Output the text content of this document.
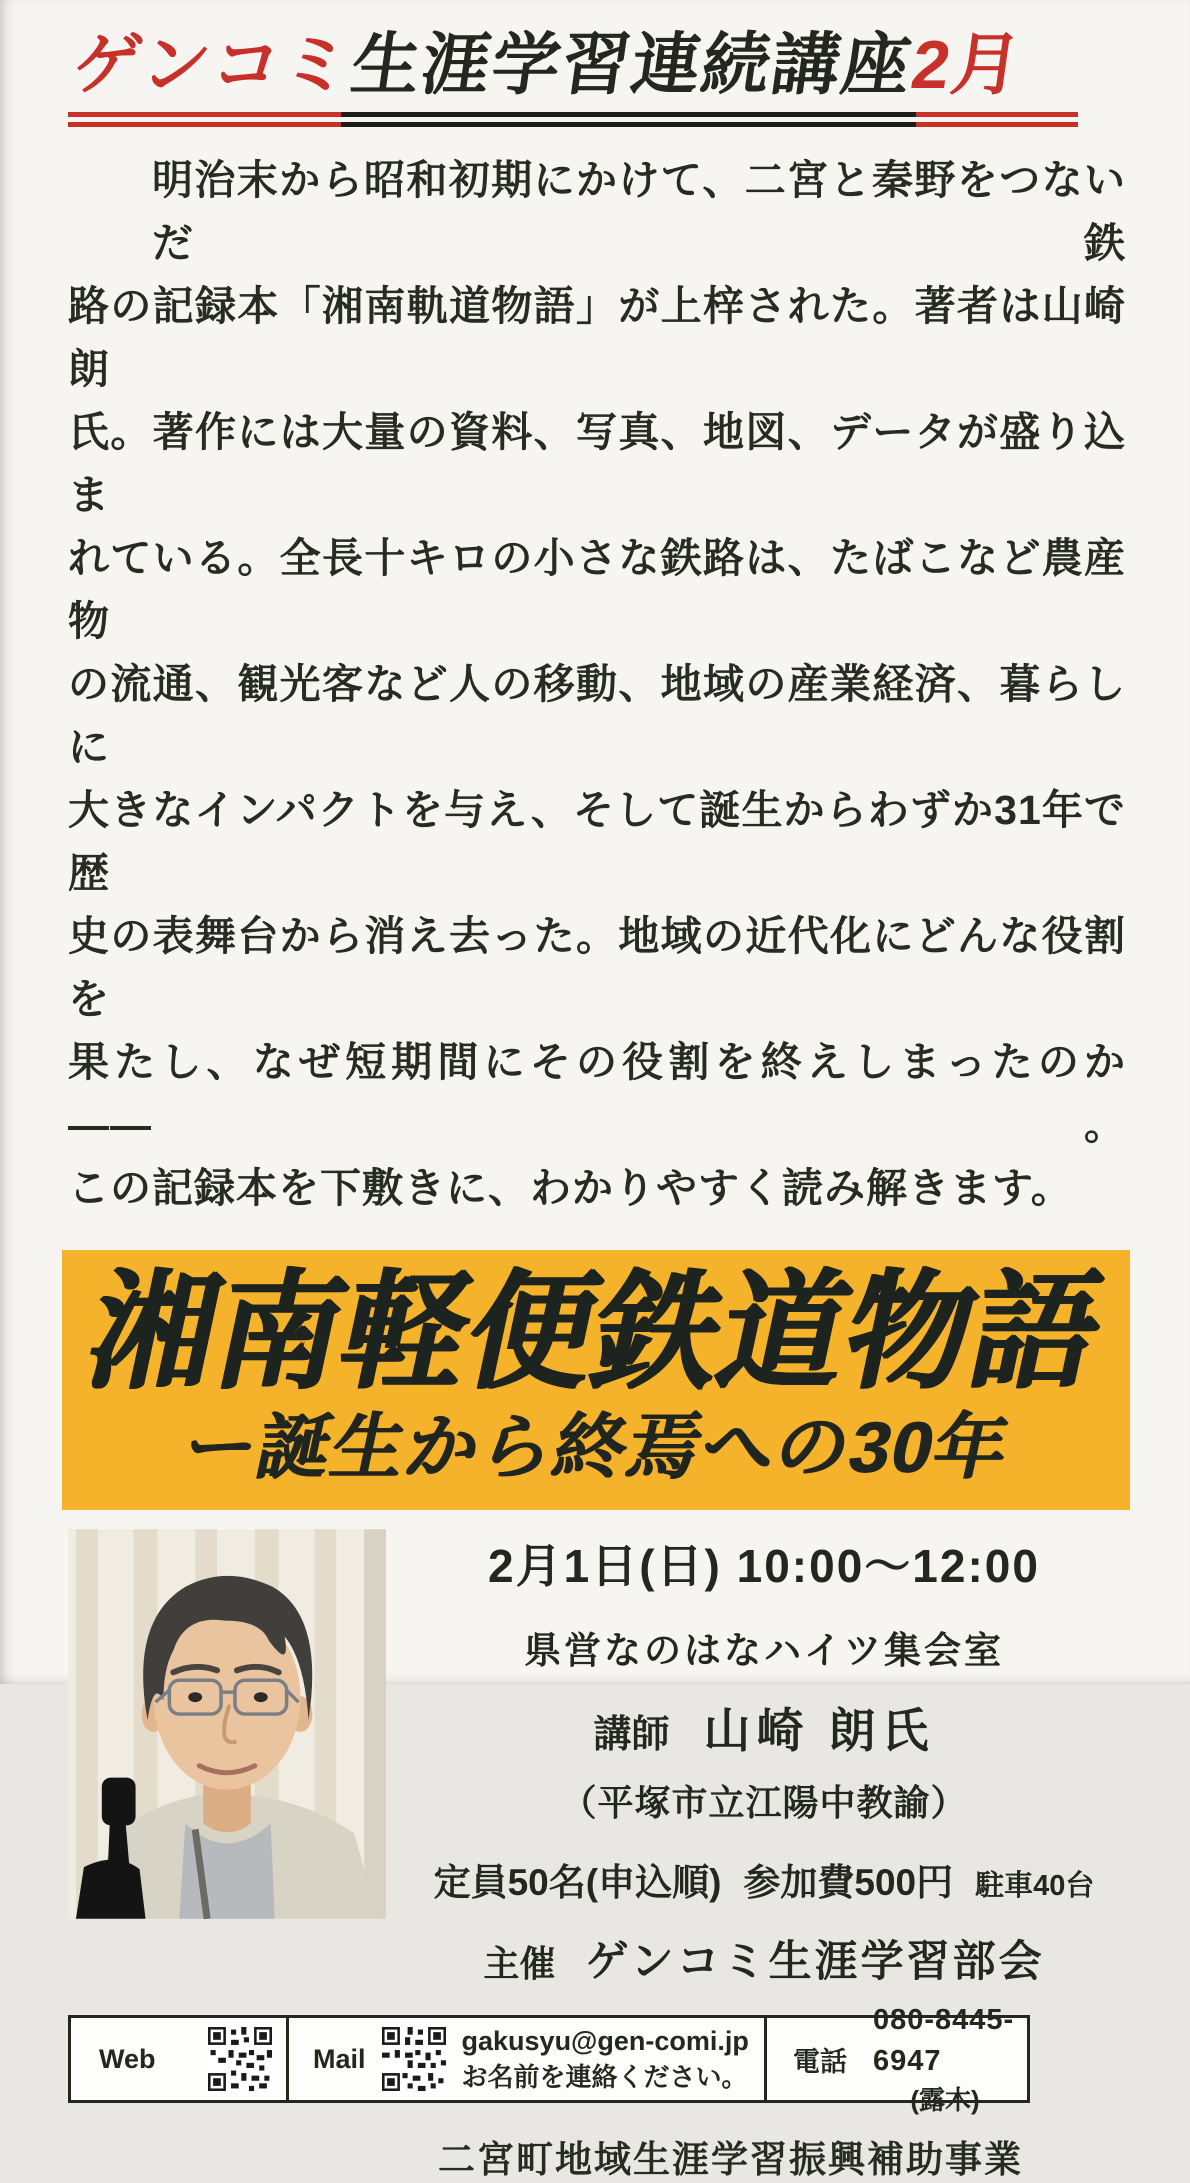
ゲンコミ生涯学習連続講座2月
明治末から昭和初期にかけて、二宮と秦野をつないだ鉄
路の記録本「湘南軌道物語」が上梓された。著者は山崎朗
氏。著作には大量の資料、写真、地図、データが盛り込ま
れている。全長十キロの小さな鉄路は、たばこなど農産物
の流通、観光客など人の移動、地域の産業経済、暮らしに
大きなインパクトを与え、そして誕生からわずか31年で歴
史の表舞台から消え去った。地域の近代化にどんな役割を
果たし、なぜ短期間にその役割を終えしまったのか――。
この記録本を下敷きに、わかりやすく読み解きます。
湘南軽便鉄道物語
ー誕生から終焉への30年
2月1日(日) 10:00～12:00
県営なのはなハイツ集会室
講師 山崎 朗氏
（平塚市立江陽中教諭）
定員50名(申込順) 参加費500円 駐車40台
主催 ゲンコミ生涯学習部会
Web	Mail
gakusyu@gen-comi.jp
お名前を連絡ください。
電話
080-8445-6947
(露木)
二宮町地域生涯学習振興補助事業
